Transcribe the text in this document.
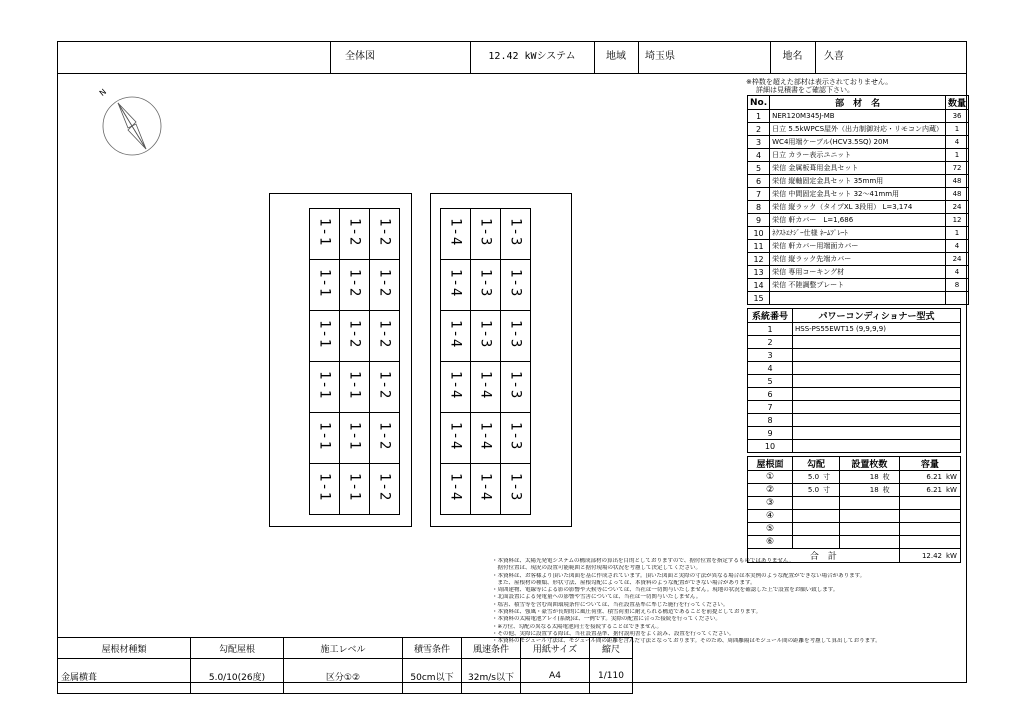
全体図	12.42 kWシステム	地域	埼玉県	地名	久喜
N
1-1	1-2	1-2
1-1	1-2	1-2
1-1	1-2	1-2
1-1	1-1	1-2
1-1	1-1	1-2
1-1	1-1	1-2
1-4	1-3	1-3
1-4	1-3	1-3
1-4	1-3	1-3
1-4	1-4	1-3
1-4	1-4	1-3
1-4	1-4	1-3
※枠数を超えた部材は表示されておりません。
詳細は見積書をご確認下さい。
No.	部　材　名	数量
1	NER120M345J-MB	36
2	日立 5.5kWPCS屋外（出力制御対応・リモコン内蔵）	1
3	WC4用端ケーブル(HCV3.5SQ) 20M	4
4	日立 カラー表示ユニット	1
5	栄信 金属板葺用金具セット	72
6	栄信 縦軸固定金具セット 35mm用	48
7	栄信 中間固定金具セット 32～41mm用	48
8	栄信 縦ラック（タイプXL 3段用） L=3,174	24
9	栄信 軒カバー　L=1,686	12
10	ﾈｸｽﾄｴﾅｼﾞｰ仕様 ﾈｰﾑﾌﾟﾚｰﾄ	1
11	栄信 軒カバー用端面カバー	4
12	栄信 縦ラック先端カバー	24
13	栄信 専用コーキング材	4
14	栄信 不陸調整プレート	8
15		
系統番号	パワーコンディショナー型式
1	HSS-PS55EWT15 (9,9,9,9)
2	
3	
4	
5	
6	
7	
8	
9	
10	
屋根面	勾配		設置枚数		容量	
①	5.0	寸	18	枚	6.21	kW
②	5.0	寸	18	枚	6.21	kW
③						
④						
⑤						
⑥						
合　計					12.42	kW
・本資料は、太陽光発電システムの構成部材の算出を目的としておりますので、据付位置を指定するものではありません。
　据付位置は、現況の設置可能範囲と据付現場の状況を考慮して決定してください。
・本資料は、お客様より頂いた図面を基に作成されています。頂いた図面と実際の寸法が異なる場合は本実例のような配置ができない場合があります。
　また、屋根材の種類、形状寸法、屋根勾配によっては、本資料のような配置ができない場合があります。
・周囲建物、電線等による影の影響や天候等については、当社は一切関与いたしません。現地の状況を確認した上で設置をお願い致します。
・北面設置による発電量への影響や雪害については、当社は一切関与いたしません。
・塩害、積雪等を含む周囲環境条件については、当社設置基準に準じた施行を行ってください。
・本資料は、強風・豪雪が長期的に風圧荷重、積雪荷重に耐えられる構造であることを前提としております。
・本資料の太陽電池アレイ(系統)は、一例です。実際の配置に合った接続を行ってください。
・※方位、勾配の異なる太陽電池同士を接続することはできません。
・その他、実際に設置する際は、当社設置基準、据付説明書をよく読み、設置を行ってください。
・本資料のモジュール寸法は、モジュール間の距離を含んだ寸法となっております。そのため、周囲離隔はモジュール間の距離を考慮して算出しております。
屋根材種類	勾配屋根	施工レベル	積雪条件	風速条件	用紙サイズ	縮尺
金属横葺	5.0/10(26度)	区分①②	50cm以下	32m/s以下	A4	1/110
